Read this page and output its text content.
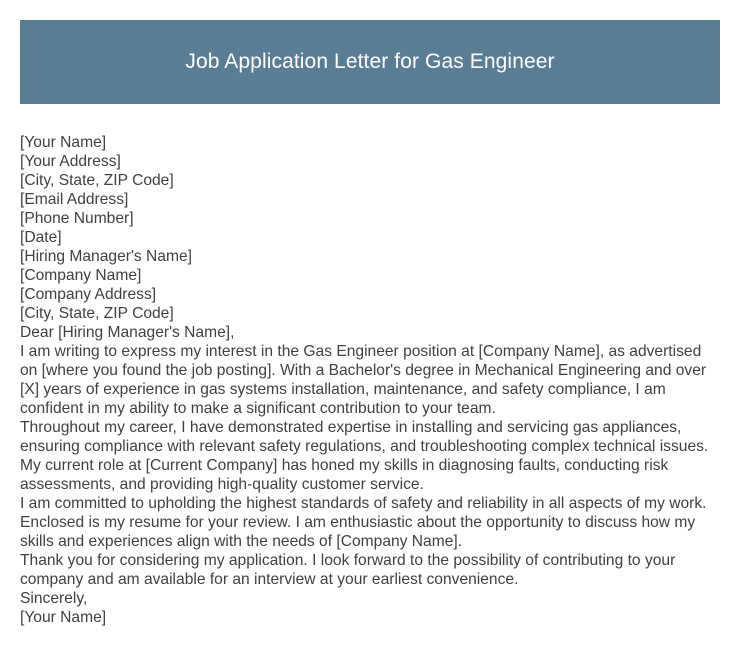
Job Application Letter for Gas Engineer
[Your Name]
[Your Address]
[City, State, ZIP Code]
[Email Address]
[Phone Number]
[Date]
[Hiring Manager's Name]
[Company Name]
[Company Address]
[City, State, ZIP Code]
Dear [Hiring Manager's Name],
I am writing to express my interest in the Gas Engineer position at [Company Name], as advertised on [where you found the job posting]. With a Bachelor's degree in Mechanical Engineering and over [X] years of experience in gas systems installation, maintenance, and safety compliance, I am confident in my ability to make a significant contribution to your team.
Throughout my career, I have demonstrated expertise in installing and servicing gas appliances, ensuring compliance with relevant safety regulations, and troubleshooting complex technical issues. My current role at [Current Company] has honed my skills in diagnosing faults, conducting risk assessments, and providing high-quality customer service.
I am committed to upholding the highest standards of safety and reliability in all aspects of my work. Enclosed is my resume for your review. I am enthusiastic about the opportunity to discuss how my skills and experiences align with the needs of [Company Name].
Thank you for considering my application. I look forward to the possibility of contributing to your company and am available for an interview at your earliest convenience.
Sincerely,
[Your Name]
